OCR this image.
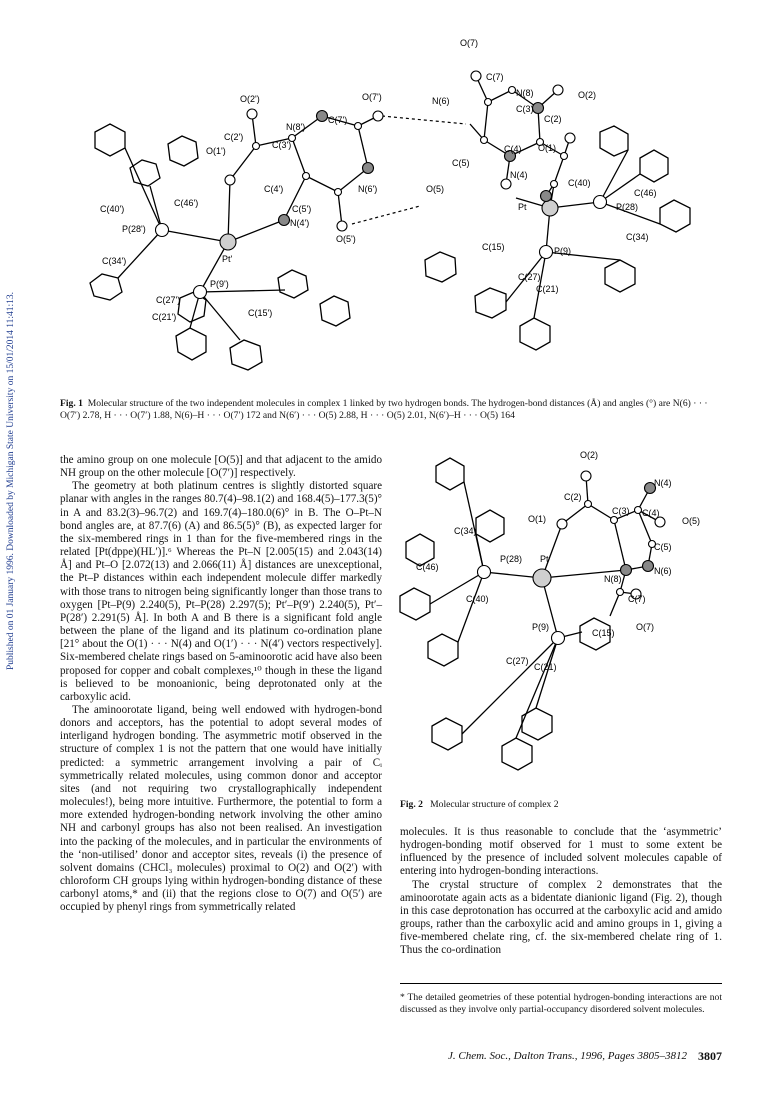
Published on 01 January 1996. Downloaded by Michigan State University on 15/01/2014 11:41:13.
O(7)
C(7)
N(8)	O(2)
O(2')	O(7')	N(6)
C(3)
C(2)
N(8')
C(7')
C(2')
C(3')
O(1')	O(1)
C(4)
C(5)
N(4)
C(40)
C(46)
C(4')	N(6')	O(5)
Pt	P(28)
C(46')
C(5')
C(40')
N(4')
P(28')
Pt'
O(5')	C(34)
C(15)	P(9)
C(34')
C(27)
C(21)
P(9')
C(27')
C(21')	C(15')
Fig. 1 Molecular structure of the two independent molecules in complex 1 linked by two hydrogen bonds. The hydrogen-bond distances (Å) and angles (°) are N(6) · · · O(7′) 2.78, H · · · O(7′) 1.88, N(6)–H · · · O(7′) 172 and N(6′) · · · O(5) 2.88, H · · · O(5) 2.01, N(6′)–H · · · O(5) 164

the amino group on one molecule [O(5)] and that adjacent to the amido NH group on the other molecule [O(7′)] respectively.

The geometry at both platinum centres is slightly distorted square planar with angles in the ranges 80.7(4)–98.1(2) and 168.4(5)–177.3(5)° in A and 83.2(3)–96.7(2) and 169.7(4)–180.0(6)° in B. The O–Pt–N bond angles are, at 87.7(6) (A) and 86.5(5)° (B), as expected larger for the six-membered rings in 1 than for the five-membered rings in the related [Pt(dppe)(HL′)].⁶ Whereas the Pt–N [2.005(15) and 2.043(14) Å] and Pt–O [2.072(13) and 2.066(11) Å] distances are unexceptional, the Pt–P distances within each independent molecule differ markedly with those trans to nitrogen being significantly longer than those trans to oxygen [Pt–P(9) 2.240(5), Pt–P(28) 2.297(5); Pt′–P(9′) 2.240(5), Pt′–P(28′) 2.291(5) Å]. In both A and B there is a significant fold angle between the plane of the ligand and its platinum co-ordination plane [21° about the O(1) · · · N(4) and O(1′) · · · N(4′) vectors respectively]. Six-membered chelate rings based on 5-aminoorotic acid have also been proposed for copper and cobalt complexes,¹⁰ though in these the ligand is believed to be monoanionic, being deprotonated only at the carboxylic acid.

The aminoorotate ligand, being well endowed with hydrogen-bond donors and acceptors, has the potential to adopt several modes of interligand hydrogen bonding. The asymmetric motif observed in the structure of complex 1 is not the pattern that one would have initially predicted: a symmetric arrangement involving a pair of Cᵢ symmetrically related molecules, using common donor and acceptor sites (and not requiring two crystallographically independent molecules!), being more intuitive. Furthermore, the potential to form a more extended hydrogen-bonding network involving the other amino NH and carbonyl groups has also not been realised. An investigation into the packing of the molecules, and in particular the environments of the ‘non-utilised’ donor and acceptor sites, reveals (i) the presence of solvent domains (CHCl₃ molecules) proximal to O(2) and O(2′) with chloroform CH groups lying within hydrogen-bonding distance of these carbonyl atoms,* and (ii) that the regions close to O(7) and O(5′) are occupied by phenyl rings from symmetrically related

O(2)
N(4)
C(2)
O(1)
C(3) C(4)
O(5)
C(34)
C(5)
C(46)
P(28) Pt
N(8)
N(6)
C(40)	C(7)
P(9)
C(15)
O(7)
C(27)
C(21)
Fig. 2 Molecular structure of complex 2

molecules. It is thus reasonable to conclude that the ‘asymmetric’ hydrogen-bonding motif observed for 1 must to some extent be influenced by the presence of included solvent molecules capable of entering into hydrogen-bonding interactions.

The crystal structure of complex 2 demonstrates that the aminoorotate again acts as a bidentate dianionic ligand (Fig. 2), though in this case deprotonation has occurred at the carboxylic acid and amido groups, rather than the carboxylic acid and amino groups in 1, giving a five-membered chelate ring, cf. the six-membered chelate ring of 1. Thus the co-ordination

* The detailed geometries of these potential hydrogen-bonding interactions are not discussed as they involve only partial-occupancy disordered solvent molecules.
J. Chem. Soc., Dalton Trans., 1996, Pages 3805–3812 3807
